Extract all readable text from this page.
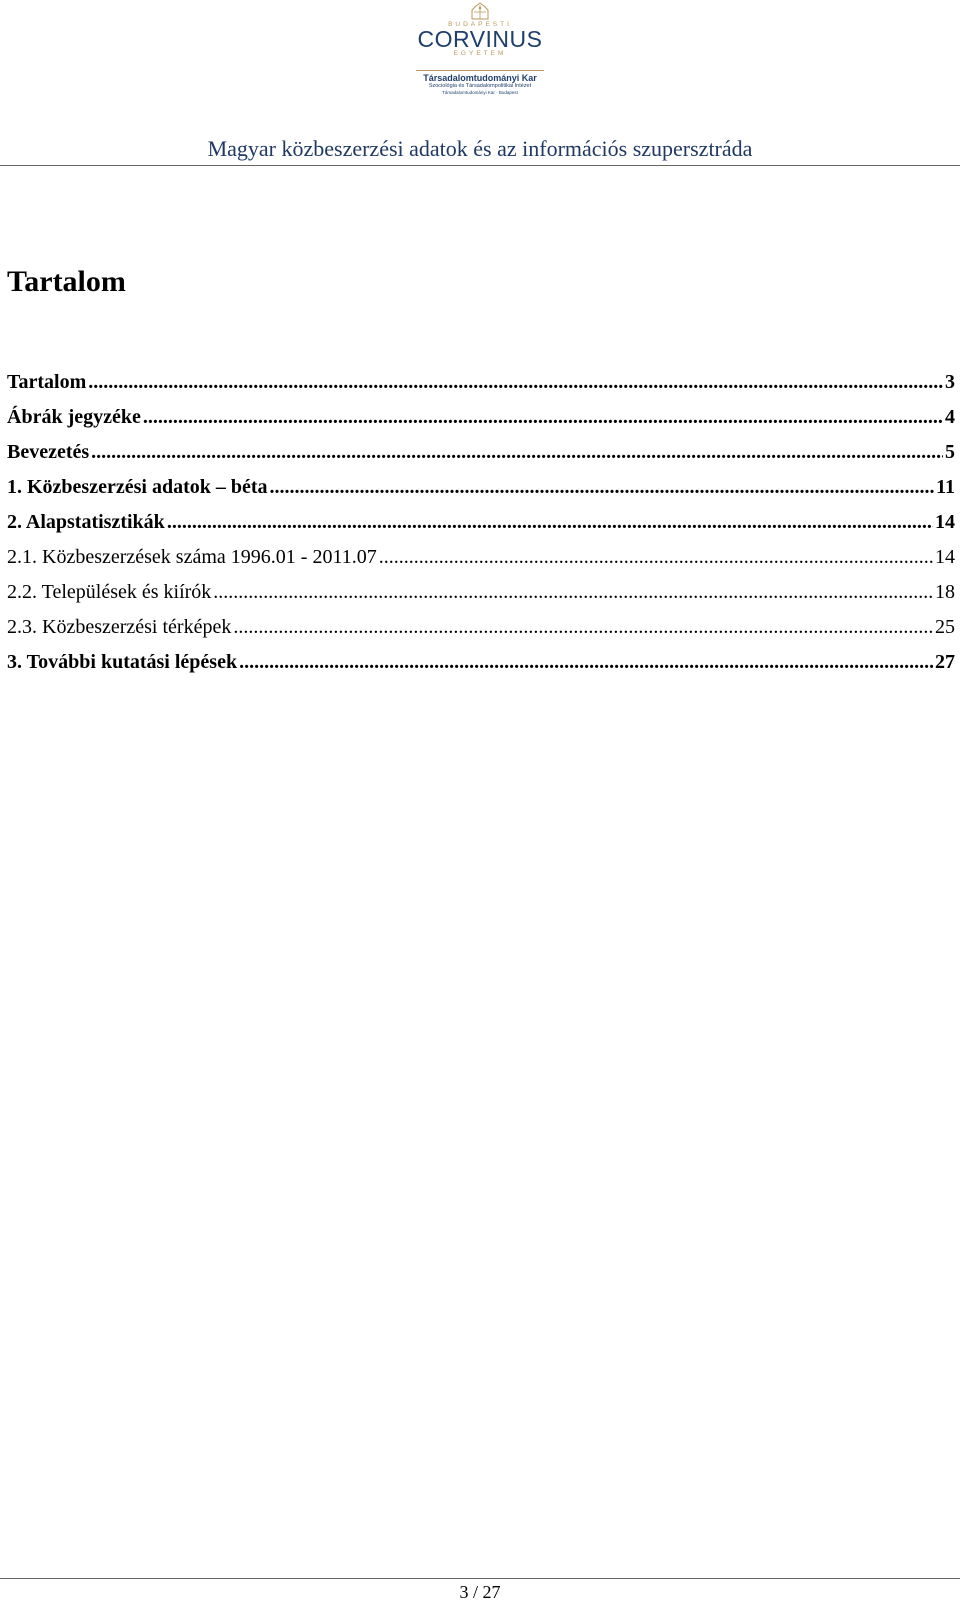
BUDAPESTI
CORVINUS
EGYETEM
Társadalomtudományi Kar
Szociológia és Társadalompolitikai Intézet
Társadalomtudományi Kar · Budapest
Magyar közbeszerzési adatok és az információs szupersztráda
Tartalom
Tartalom .....	3
Ábrák jegyzéke .....	4
Bevezetés .....	5
1. Közbeszerzési adatok – béta .....	11
2. Alapstatisztikák .....	14
2.1. Közbeszerzések száma 1996.01 - 2011.07 .....	14
2.2. Települések és kiírók .....	18
2.3. Közbeszerzési térképek .....	25
3. További kutatási lépések .....	27
3 / 27
